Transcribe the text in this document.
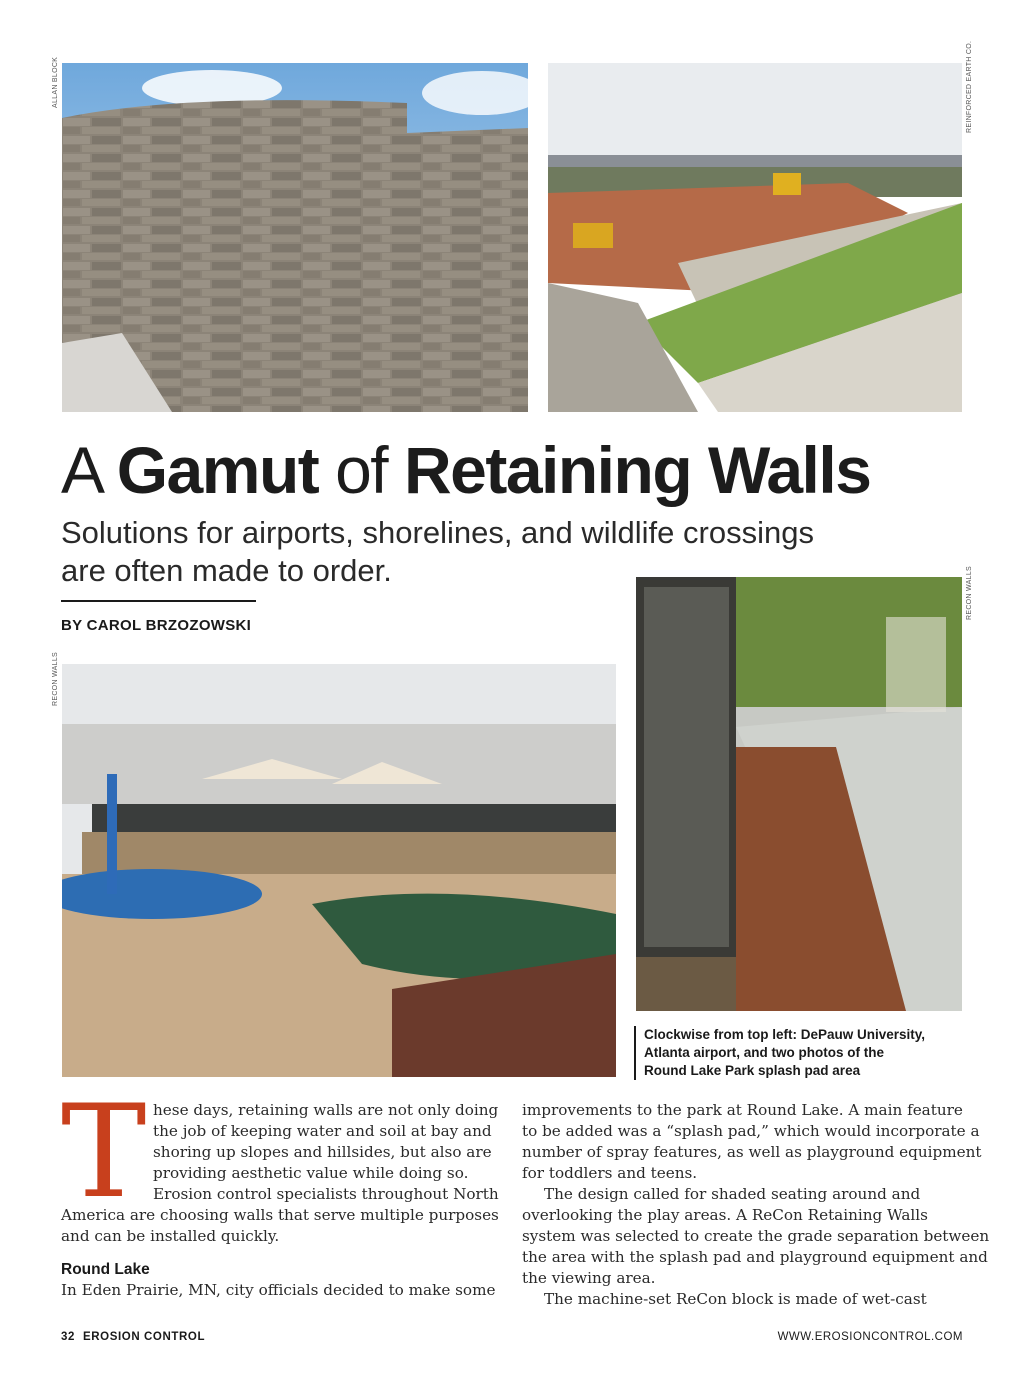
ALLAN BLOCK	REINFORCED EARTH CO.
A Gamut of Retaining Walls
Solutions for airports, shorelines, and wildlife crossings
are often made to order.
BY CAROL BRZOZOWSKI
RECON WALLS
RECON WALLS
Clockwise from top left: DePauw University,
Atlanta airport, and two photos of the
Round Lake Park splash pad area
T hese days, retaining walls are not only doing
the job of keeping water and soil at bay and
shoring up slopes and hillsides, but also are
providing aesthetic value while doing so.
Erosion control specialists throughout North
America are choosing walls that serve multiple purposes
and can be installed quickly.
Round Lake
In Eden Prairie, MN, city officials decided to make some
improvements to the park at Round Lake. A main feature
to be added was a “splash pad,” which would incorporate a
number of spray features, as well as playground equipment
for toddlers and teens.
The design called for shaded seating around and
overlooking the play areas. A ReCon Retaining Walls
system was selected to create the grade separation between
the area with the splash pad and playground equipment and
the viewing area.
The machine-set ReCon block is made of wet-cast
32 EROSION CONTROL	WWW.EROSIONCONTROL.COM
